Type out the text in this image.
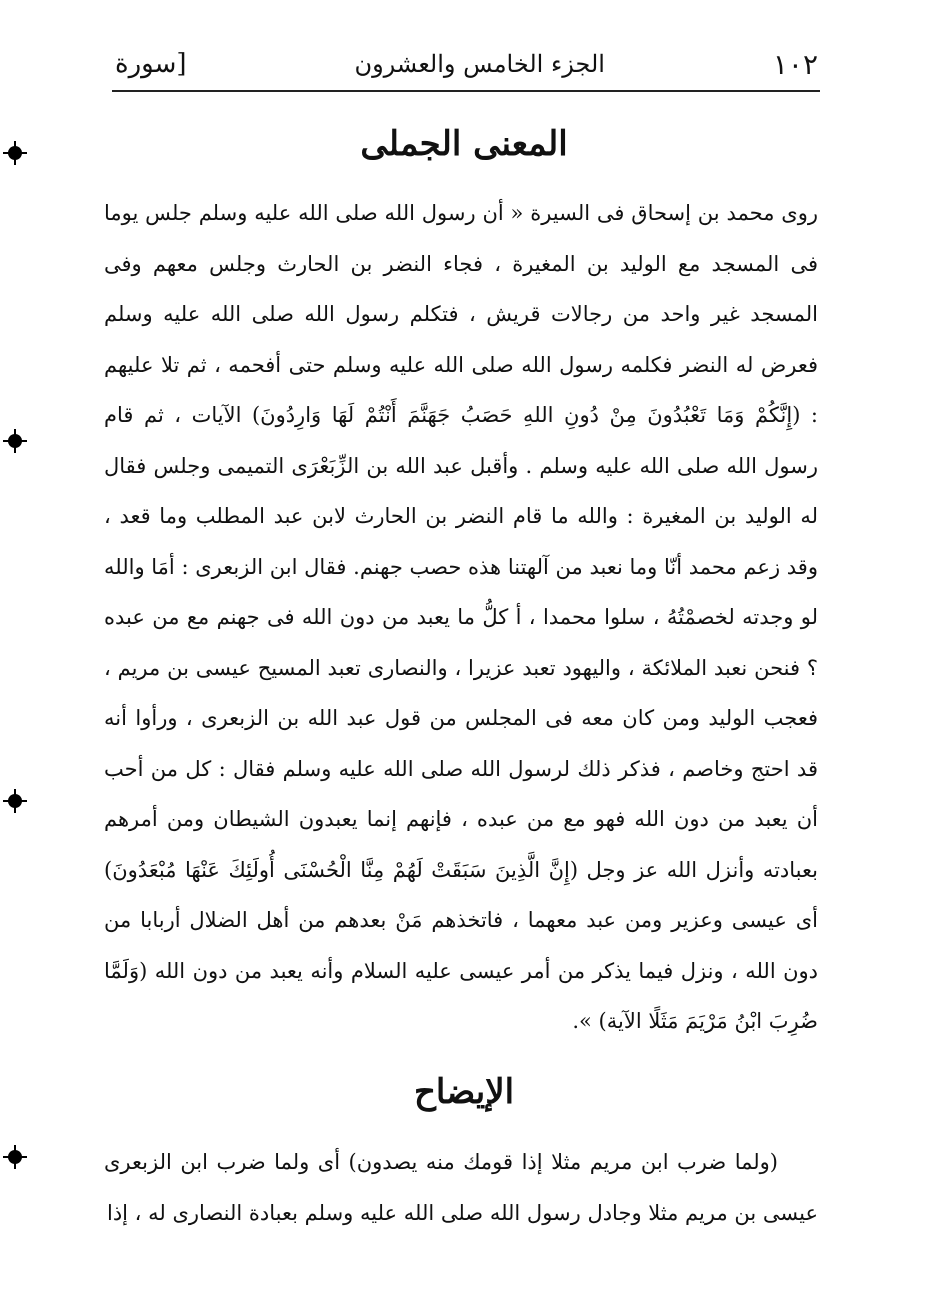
١٠٢
الجزء الخامس والعشرون
[سورة
المعنى الجملى
روى محمد بن إسحاق فى السيرة « أن رسول الله صلى الله عليه وسلم جلس يوما فى المسجد مع الوليد بن المغيرة ، فجاء النضر بن الحارث وجلس معهم وفى المسجد غير واحد من رجالات قريش ، فتكلم رسول الله صلى الله عليه وسلم فعرض له النضر فكلمه رسول الله صلى الله عليه وسلم حتى أفحمه ، ثم تلا عليهم : (إِنَّكُمْ وَمَا تَعْبُدُونَ مِنْ دُونِ اللهِ حَصَبُ جَهَنَّمَ أَنْتُمْ لَهَا وَارِدُونَ) الآيات ، ثم قام رسول الله صلى الله عليه وسلم . وأقبل عبد الله بن الزِّبَعْرَى التميمى وجلس فقال له الوليد بن المغيرة : والله ما قام النضر بن الحارث لابن عبد المطلب وما قعد ، وقد زعم محمد أنّا وما نعبد من آلهتنا هذه حصب جهنم. فقال ابن الزبعرى : أمَا والله لو وجدته لخصمْتُهُ ، سلوا محمدا ، أ كلُّ ما يعبد من دون الله فى جهنم مع من عبده ؟ فنحن نعبد الملائكة ، واليهود تعبد عزيرا ، والنصارى تعبد المسيح عيسى بن مريم ، فعجب الوليد ومن كان معه فى المجلس من قول عبد الله بن الزبعرى ، ورأوا أنه قد احتج وخاصم ، فذكر ذلك لرسول الله صلى الله عليه وسلم فقال : كل من أحب أن يعبد من دون الله فهو مع من عبده ، فإنهم إنما يعبدون الشيطان ومن أمرهم بعبادته وأنزل الله عز وجل (إِنَّ الَّذِينَ سَبَقَتْ لَهُمْ مِنَّا الْحُسْنَى أُولَئِكَ عَنْهَا مُبْعَدُونَ) أى عيسى وعزير ومن عبد معهما ، فاتخذهم مَنْ بعدهم من أهل الضلال أربابا من دون الله ، ونزل فيما يذكر من أمر عيسى عليه السلام وأنه يعبد من دون الله (وَلَمَّا ضُرِبَ ابْنُ مَرْيَمَ مَثَلًا الآية) ».
الإيضاح
(ولما ضرب ابن مريم مثلا إذا قومك منه يصدون) أى ولما ضرب ابن الزبعرى عيسى بن مريم مثلا وجادل رسول الله صلى الله عليه وسلم بعبادة النصارى له ، إذا
